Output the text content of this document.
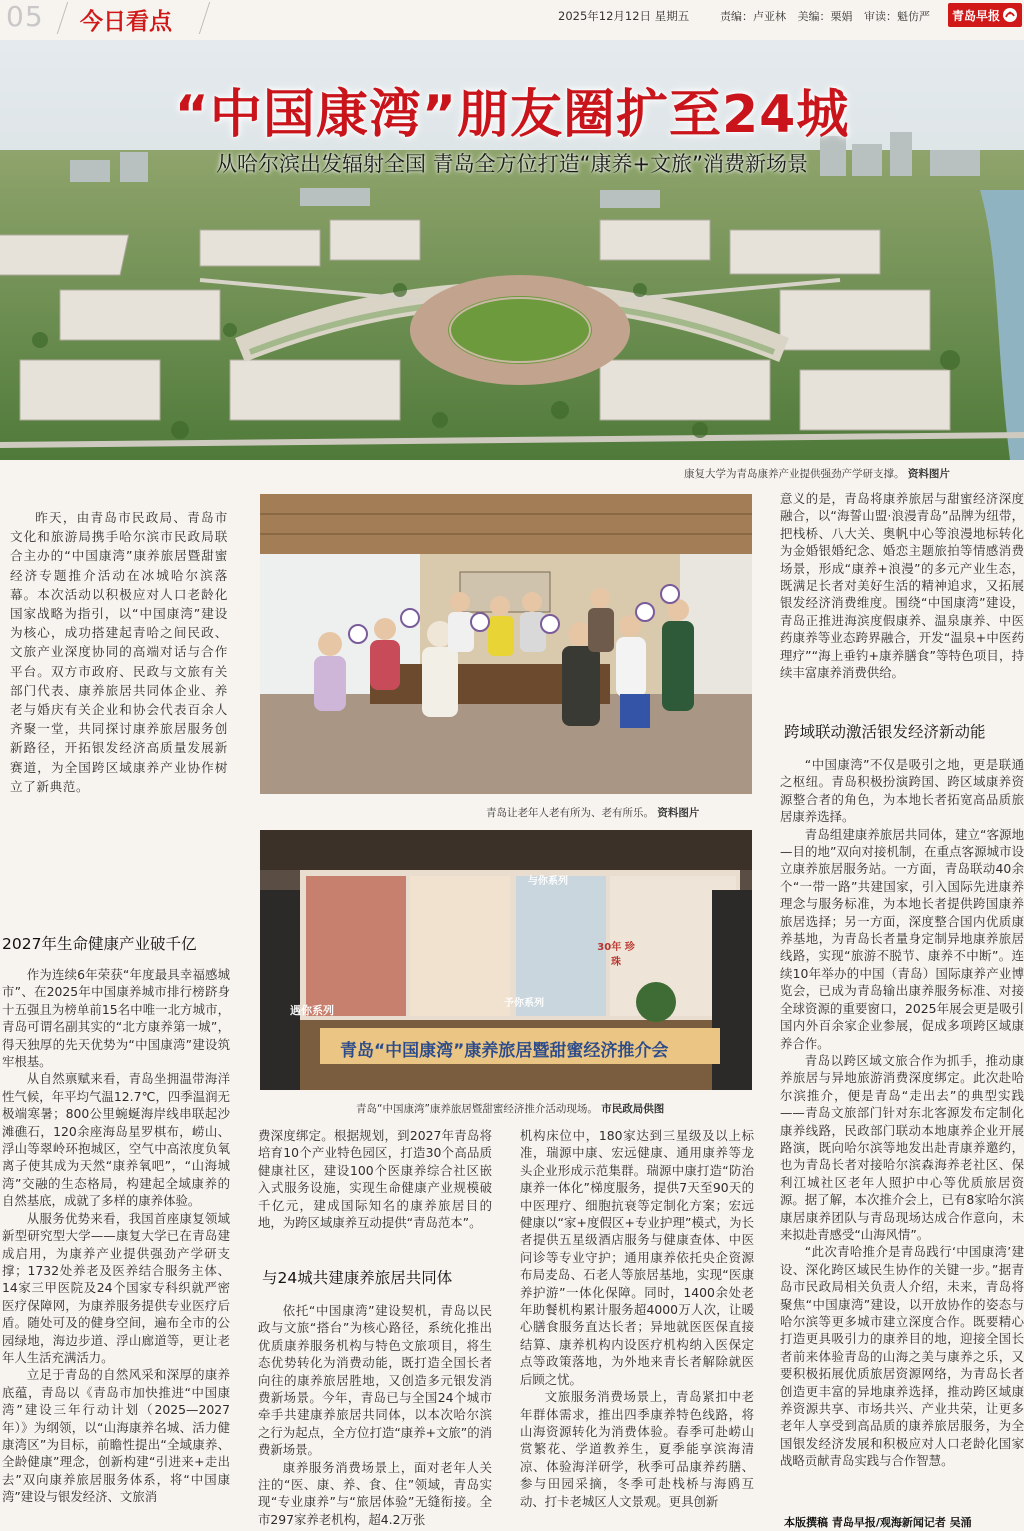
05 今日看点	2025年12月12日 星期五	责编：卢亚林 美编：栗娟 审读：魁仿严 青岛早报
“中国康湾”朋友圈扩至24城
从哈尔滨出发辐射全国 青岛全方位打造“康养+文旅”消费新场景
康复大学为青岛康养产业提供强劲产学研支撑。 资料图片

昨天，由青岛市民政局、青岛市文化和旅游局携手哈尔滨市民政局联合主办的“中国康湾”康养旅居暨甜蜜经济专题推介活动在冰城哈尔滨落幕。本次活动以积极应对人口老龄化国家战略为指引，以“中国康湾”建设为核心，成功搭建起青哈之间民政、文旅产业深度协同的高端对话与合作平台。双方市政府、民政与文旅有关部门代表、康养旅居共同体企业、养老与婚庆有关企业和协会代表百余人齐聚一堂，共同探讨康养旅居服务创新路径，开拓银发经济高质量发展新赛道，为全国跨区域康养产业协作树立了新典范。

2027年生命健康产业破千亿

作为连续6年荣获“年度最具幸福感城市”、在2025年中国康养城市排行榜跻身十五强且为榜单前15名中唯一北方城市，青岛可谓名副其实的“北方康养第一城”，得天独厚的先天优势为“中国康湾”建设筑牢根基。

从自然禀赋来看，青岛坐拥温带海洋性气候，年平均气温12.7℃，四季温润无极端寒暑；800公里蜿蜒海岸线串联起沙滩礁石，120余座海岛星罗棋布，崂山、浮山等翠岭环抱城区，空气中高浓度负氧离子使其成为天然“康养氧吧”，“山海城湾”交融的生态格局，构建起全域康养的自然基底，成就了多样的康养体验。

从服务优势来看，我国首座康复领域新型研究型大学——康复大学已在青岛建成启用，为康养产业提供强劲产学研支撑；1732处养老及医养结合服务主体、14家三甲医院及24个国家专科织就严密医疗保障网，为康养服务提供专业医疗后盾。随处可及的健身空间，遍布全市的公园绿地，海边步道、浮山廊道等，更让老年人生活充满活力。

立足于青岛的自然风采和深厚的康养底蕴，青岛以《青岛市加快推进“中国康湾”建设三年行动计划（2025—2027年）》为纲领，以“山海康养名城、活力健康湾区”为目标，前瞻性提出“全域康养、全龄健康”理念，创新构建“引进来+走出去”双向康养旅居服务体系，将“中国康湾”建设与银发经济、文旅消

青岛让老年人老有所为、老有所乐。 资料图片
与你系列
遇你系列
予你系列
30年 珍珠
青岛“中国康湾”康养旅居暨甜蜜经济推介会
青岛“中国康湾”康养旅居暨甜蜜经济推介活动现场。 市民政局供图

费深度绑定。根据规划，到2027年青岛将培育10个产业特色园区，打造30个高品质健康社区，建设100个医康养综合社区嵌入式服务设施，实现生命健康产业规模破千亿元，建成国际知名的康养旅居目的地，为跨区域康养互动提供“青岛范本”。

与24城共建康养旅居共同体

依托“中国康湾”建设契机，青岛以民政与文旅“搭台”为核心路径，系统化推出优质康养服务机构与特色文旅项目，将生态优势转化为消费动能，既打造全国长者向往的康养旅居胜地，又创造多元银发消费新场景。今年，青岛已与全国24个城市牵手共建康养旅居共同体，以本次哈尔滨之行为起点，全方位打造“康养+文旅”的消费新场景。

康养服务消费场景上，面对老年人关注的“医、康、养、食、住”领域，青岛实现“专业康养”与“旅居体验”无缝衔接。全市297家养老机构，超4.2万张

机构床位中，180家达到三星级及以上标准，瑞源中康、宏远健康、通用康养等龙头企业形成示范集群。瑞源中康打造“防治康养一体化”梯度服务，提供7天至90天的中医理疗、细胞抗衰等定制化方案；宏远健康以“家+度假区+专业护理”模式，为长者提供五星级酒店服务与健康查体、中医问诊等专业守护；通用康养依托央企资源布局麦岛、石老人等旅居基地，实现“医康养护游”一体化保障。同时，1400余处老年助餐机构累计服务超4000万人次，让暖心膳食服务直达长者；异地就医医保直接结算、康养机构内设医疗机构纳入医保定点等政策落地，为外地来青长者解除就医后顾之忧。

文旅服务消费场景上，青岛紧扣中老年群体需求，推出四季康养特色线路，将山海资源转化为消费体验。春季可赴崂山赏繁花、学道教养生，夏季能享滨海清凉、体验海洋研学，秋季可品康养药膳、参与田园采摘，冬季可赴栈桥与海鸥互动、打卡老城区人文景观。更具创新

意义的是，青岛将康养旅居与甜蜜经济深度融合，以“海誓山盟·浪漫青岛”品牌为纽带，把栈桥、八大关、奥帆中心等浪漫地标转化为金婚银婚纪念、婚恋主题旅拍等情感消费场景，形成“康养+浪漫”的多元产业生态，既满足长者对美好生活的精神追求，又拓展银发经济消费维度。围绕“中国康湾”建设，青岛正推进海滨度假康养、温泉康养、中医药康养等业态跨界融合，开发“温泉+中医药理疗”“海上垂钓+康养膳食”等特色项目，持续丰富康养消费供给。

跨域联动激活银发经济新动能

“中国康湾”不仅是吸引之地，更是联通之枢纽。青岛积极扮演跨国、跨区域康养资源整合者的角色，为本地长者拓宽高品质旅居康养选择。

青岛组建康养旅居共同体，建立“客源地—目的地”双向对接机制，在重点客源城市设立康养旅居服务站。一方面，青岛联动40余个“一带一路”共建国家，引入国际先进康养理念与服务标准，为本地长者提供跨国康养旅居选择；另一方面，深度整合国内优质康养基地，为青岛长者量身定制异地康养旅居线路，实现“旅游不脱节、康养不中断”。连续10年举办的中国（青岛）国际康养产业博览会，已成为青岛输出康养服务标准、对接全球资源的重要窗口，2025年展会更是吸引国内外百余家企业参展，促成多项跨区域康养合作。

青岛以跨区域文旅合作为抓手，推动康养旅居与异地旅游消费深度绑定。此次赴哈尔滨推介，便是青岛“走出去”的典型实践——青岛文旅部门针对东北客源发布定制化康养线路，民政部门联动本地康养企业开展路演，既向哈尔滨等地发出赴青康养邀约，也为青岛长者对接哈尔滨森海养老社区、保利江城社区老年人照护中心等优质旅居资源。据了解，本次推介会上，已有8家哈尔滨康居康养团队与青岛现场达成合作意向，未来拟赴青感受“山海风情”。

“此次青哈推介是青岛践行‘中国康湾’建设、深化跨区域民生协作的关键一步。”据青岛市民政局相关负责人介绍，未来，青岛将聚焦“中国康湾”建设，以开放协作的姿态与哈尔滨等更多城市建立深度合作。既要精心打造更具吸引力的康养目的地，迎接全国长者前来体验青岛的山海之美与康养之乐，又要积极拓展优质旅居资源网络，为青岛长者创造更丰富的异地康养选择，推动跨区域康养资源共享、市场共兴、产业共荣，让更多老年人享受到高品质的康养旅居服务，为全国银发经济发展和积极应对人口老龄化国家战略贡献青岛实践与合作智慧。

本版撰稿 青岛早报/观海新闻记者 吴涌
